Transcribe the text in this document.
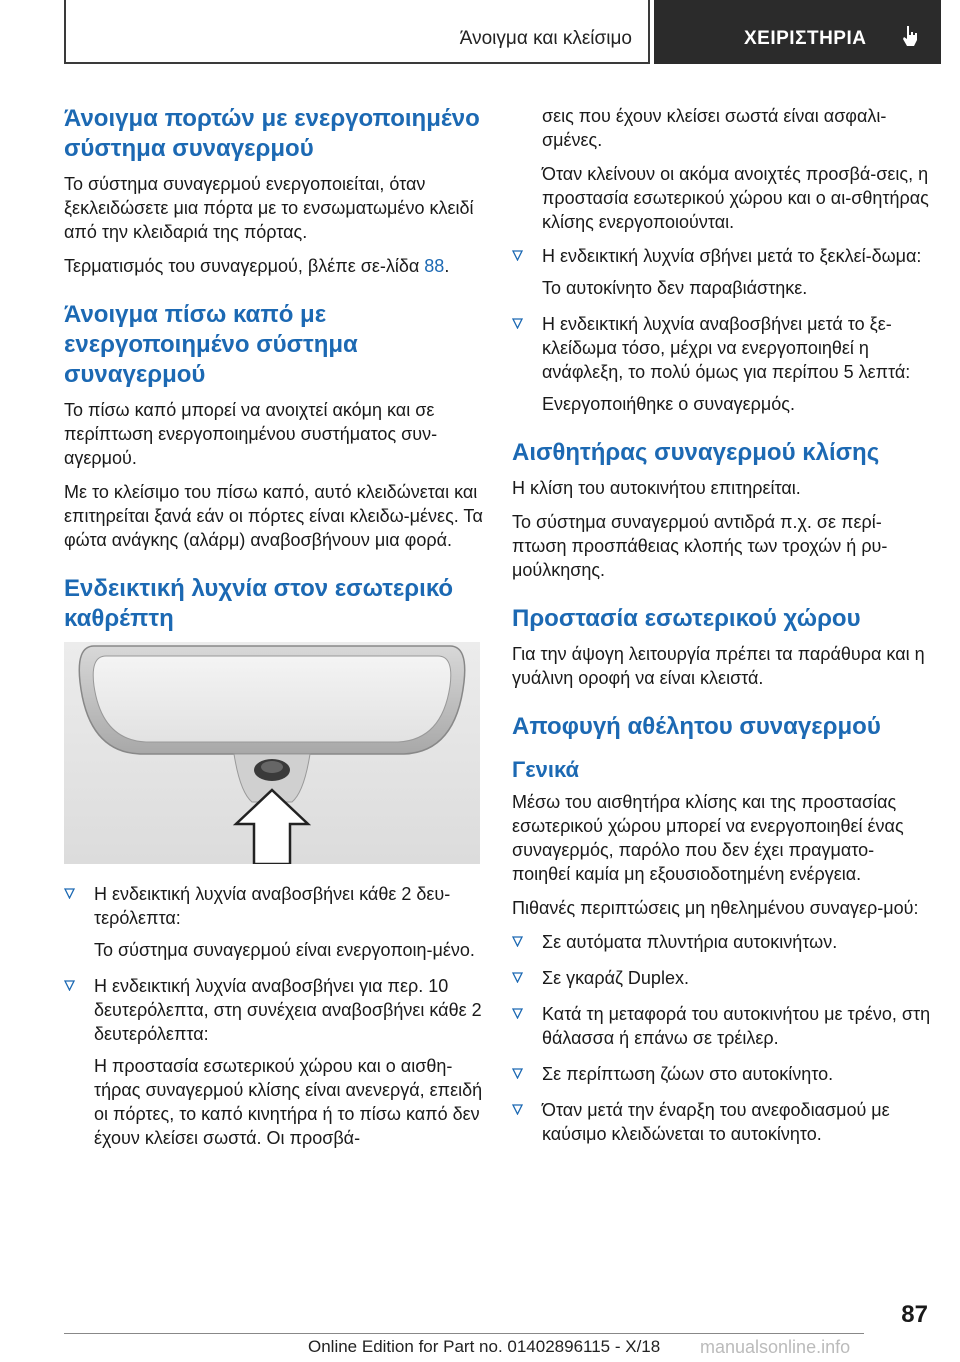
Άνοιγμα και κλείσιμο	ΧΕΙΡΙΣΤΗΡΙΑ
Άνοιγμα πορτών με ενεργοποιημένο σύστημα συναγερμού

Το σύστημα συναγερμού ενεργοποιείται, όταν ξεκλειδώσετε μια πόρτα με το ενσωματωμένο κλειδί από την κλειδαριά της πόρτας.

Τερματισμός του συναγερμού, βλέπε σε-λίδα 88.

Άνοιγμα πίσω καπό με ενεργοποιημένο σύστημα συναγερμού

Το πίσω καπό μπορεί να ανοιχτεί ακόμη και σε περίπτωση ενεργοποιημένου συστήματος συν-αγερμού.

Με το κλείσιμο του πίσω καπό, αυτό κλειδώνεται και επιτηρείται ξανά εάν οι πόρτες είναι κλειδω-μένες. Τα φώτα ανάγκης (αλάρμ) αναβοσβήνουν μια φορά.

Ενδεικτική λυχνία στον εσωτερικό καθρέπτη

Η ενδεικτική λυχνία αναβοσβήνει κάθε 2 δευ-τερόλεπτα:

Το σύστημα συναγερμού είναι ενεργοποιη-μένο.

Η ενδεικτική λυχνία αναβοσβήνει για περ. 10 δευτερόλεπτα, στη συνέχεια αναβοσβήνει κάθε 2 δευτερόλεπτα:

Η προστασία εσωτερικού χώρου και ο αισθη-τήρας συναγερμού κλίσης είναι ανενεργά, επειδή οι πόρτες, το καπό κινητήρα ή το πίσω καπό δεν έχουν κλείσει σωστά. Οι προσβά-

σεις που έχουν κλείσει σωστά είναι ασφαλι-σμένες.

Όταν κλείνουν οι ακόμα ανοιχτές προσβά-σεις, η προστασία εσωτερικού χώρου και ο αι-σθητήρας κλίσης ενεργοποιούνται.

Η ενδεικτική λυχνία σβήνει μετά το ξεκλεί-δωμα:

Το αυτοκίνητο δεν παραβιάστηκε.

Η ενδεικτική λυχνία αναβοσβήνει μετά το ξε-κλείδωμα τόσο, μέχρι να ενεργοποιηθεί η ανάφλεξη, το πολύ όμως για περίπου 5 λεπτά:

Ενεργοποιήθηκε ο συναγερμός.

Αισθητήρας συναγερμού κλίσης

Η κλίση του αυτοκινήτου επιτηρείται.

Το σύστημα συναγερμού αντιδρά π.χ. σε περί-πτωση προσπάθειας κλοπής των τροχών ή ρυ-μούλκησης.

Προστασία εσωτερικού χώρου

Για την άψογη λειτουργία πρέπει τα παράθυρα και η γυάλινη οροφή να είναι κλειστά.

Αποφυγή αθέλητου συναγερμού
Γενικά

Μέσω του αισθητήρα κλίσης και της προστασίας εσωτερικού χώρου μπορεί να ενεργοποιηθεί ένας συναγερμός, παρόλο που δεν έχει πραγματο-ποιηθεί καμία μη εξουσιοδοτημένη ενέργεια.

Πιθανές περιπτώσεις μη ηθελημένου συναγερ-μού:

Σε αυτόματα πλυντήρια αυτοκινήτων.

Σε γκαράζ Duplex.

Κατά τη μεταφορά του αυτοκινήτου με τρένο, στη θάλασσα ή επάνω σε τρέιλερ.

Σε περίπτωση ζώων στο αυτοκίνητο.

Όταν μετά την έναρξη του ανεφοδιασμού με καύσιμο κλειδώνεται το αυτοκίνητο.

87
Online Edition for Part no. 01402896115 - X/18 manualsonline.info
